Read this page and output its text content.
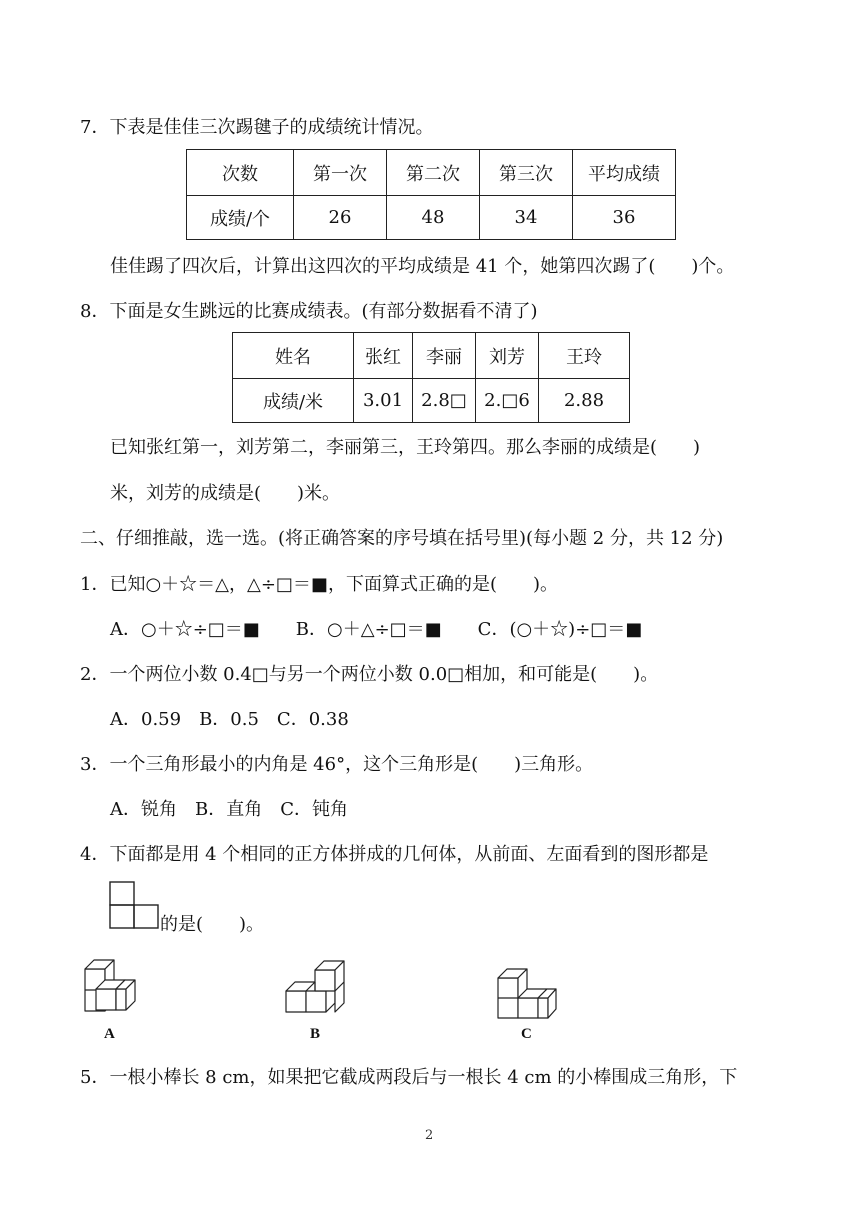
7．下表是佳佳三次踢毽子的成绩统计情况。
次数	第一次	第二次	第三次	平均成绩
成绩/个	26	48	34	36
佳佳踢了四次后，计算出这四次的平均成绩是 41 个，她第四次踢了(　　)个。
8．下面是女生跳远的比赛成绩表。(有部分数据看不清了)
姓名	张红	李丽	刘芳	王玲
成绩/米	3.01	2.8□	2.□6	2.88
已知张红第一，刘芳第二，李丽第三，王玲第四。那么李丽的成绩是(　　)
米，刘芳的成绩是(　　)米。
二、仔细推敲，选一选。(将正确答案的序号填在括号里)(每小题 2 分，共 12 分)
1．已知○＋☆＝△，△÷□＝■，下面算式正确的是(　　)。
A．○＋☆÷□＝■　　B．○＋△÷□＝■　　C．(○＋☆)÷□＝■
2．一个两位小数 0.4□与另一个两位小数 0.0□相加，和可能是(　　)。
A．0.59　B．0.5　C．0.38
3．一个三角形最小的内角是 46°，这个三角形是(　　)三角形。
A．锐角　B．直角　C．钝角
4．下面都是用 4 个相同的正方体拼成的几何体，从前面、左面看到的图形都是
的是(　　)。
A	B	C
5．一根小棒长 8 cm，如果把它截成两段后与一根长 4 cm 的小棒围成三角形，下
2
